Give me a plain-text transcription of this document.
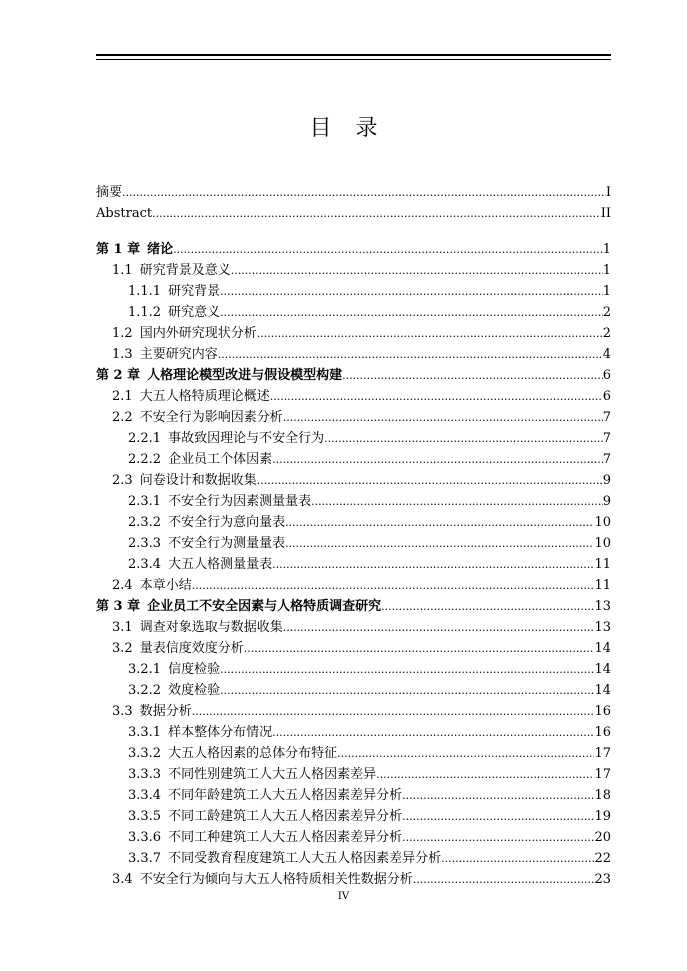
目录
摘要 .....	I
Abstract .....	II
第 1 章 绪论 .....	1
1.1 研究背景及意义 .....	1
1.1.1 研究背景 .....	1
1.1.2 研究意义 .....	2
1.2 国内外研究现状分析 .....	2
1.3 主要研究内容 .....	4
第 2 章 人格理论模型改进与假设模型构建 .....	6
2.1 大五人格特质理论概述 .....	6
2.2 不安全行为影响因素分析 .....	7
2.2.1 事故致因理论与不安全行为 .....	7
2.2.2 企业员工个体因素 .....	7
2.3 问卷设计和数据收集 .....	9
2.3.1 不安全行为因素测量量表 .....	9
2.3.2 不安全行为意向量表 .....	10
2.3.3 不安全行为测量量表 .....	10
2.3.4 大五人格测量量表 .....	11
2.4 本章小结 .....	11
第 3 章 企业员工不安全因素与人格特质调查研究 .....	13
3.1 调查对象选取与数据收集 .....	13
3.2 量表信度效度分析 .....	14
3.2.1 信度检验 .....	14
3.2.2 效度检验 .....	14
3.3 数据分析 .....	16
3.3.1 样本整体分布情况 .....	16
3.3.2 大五人格因素的总体分布特征 .....	17
3.3.3 不同性别建筑工人大五人格因素差异 .....	17
3.3.4 不同年龄建筑工人大五人格因素差异分析 .....	18
3.3.5 不同工龄建筑工人大五人格因素差异分析 .....	19
3.3.6 不同工种建筑工人大五人格因素差异分析 .....	20
3.3.7 不同受教育程度建筑工人大五人格因素差异分析 .....	22
3.4 不安全行为倾向与大五人格特质相关性数据分析 .....	23
IV
